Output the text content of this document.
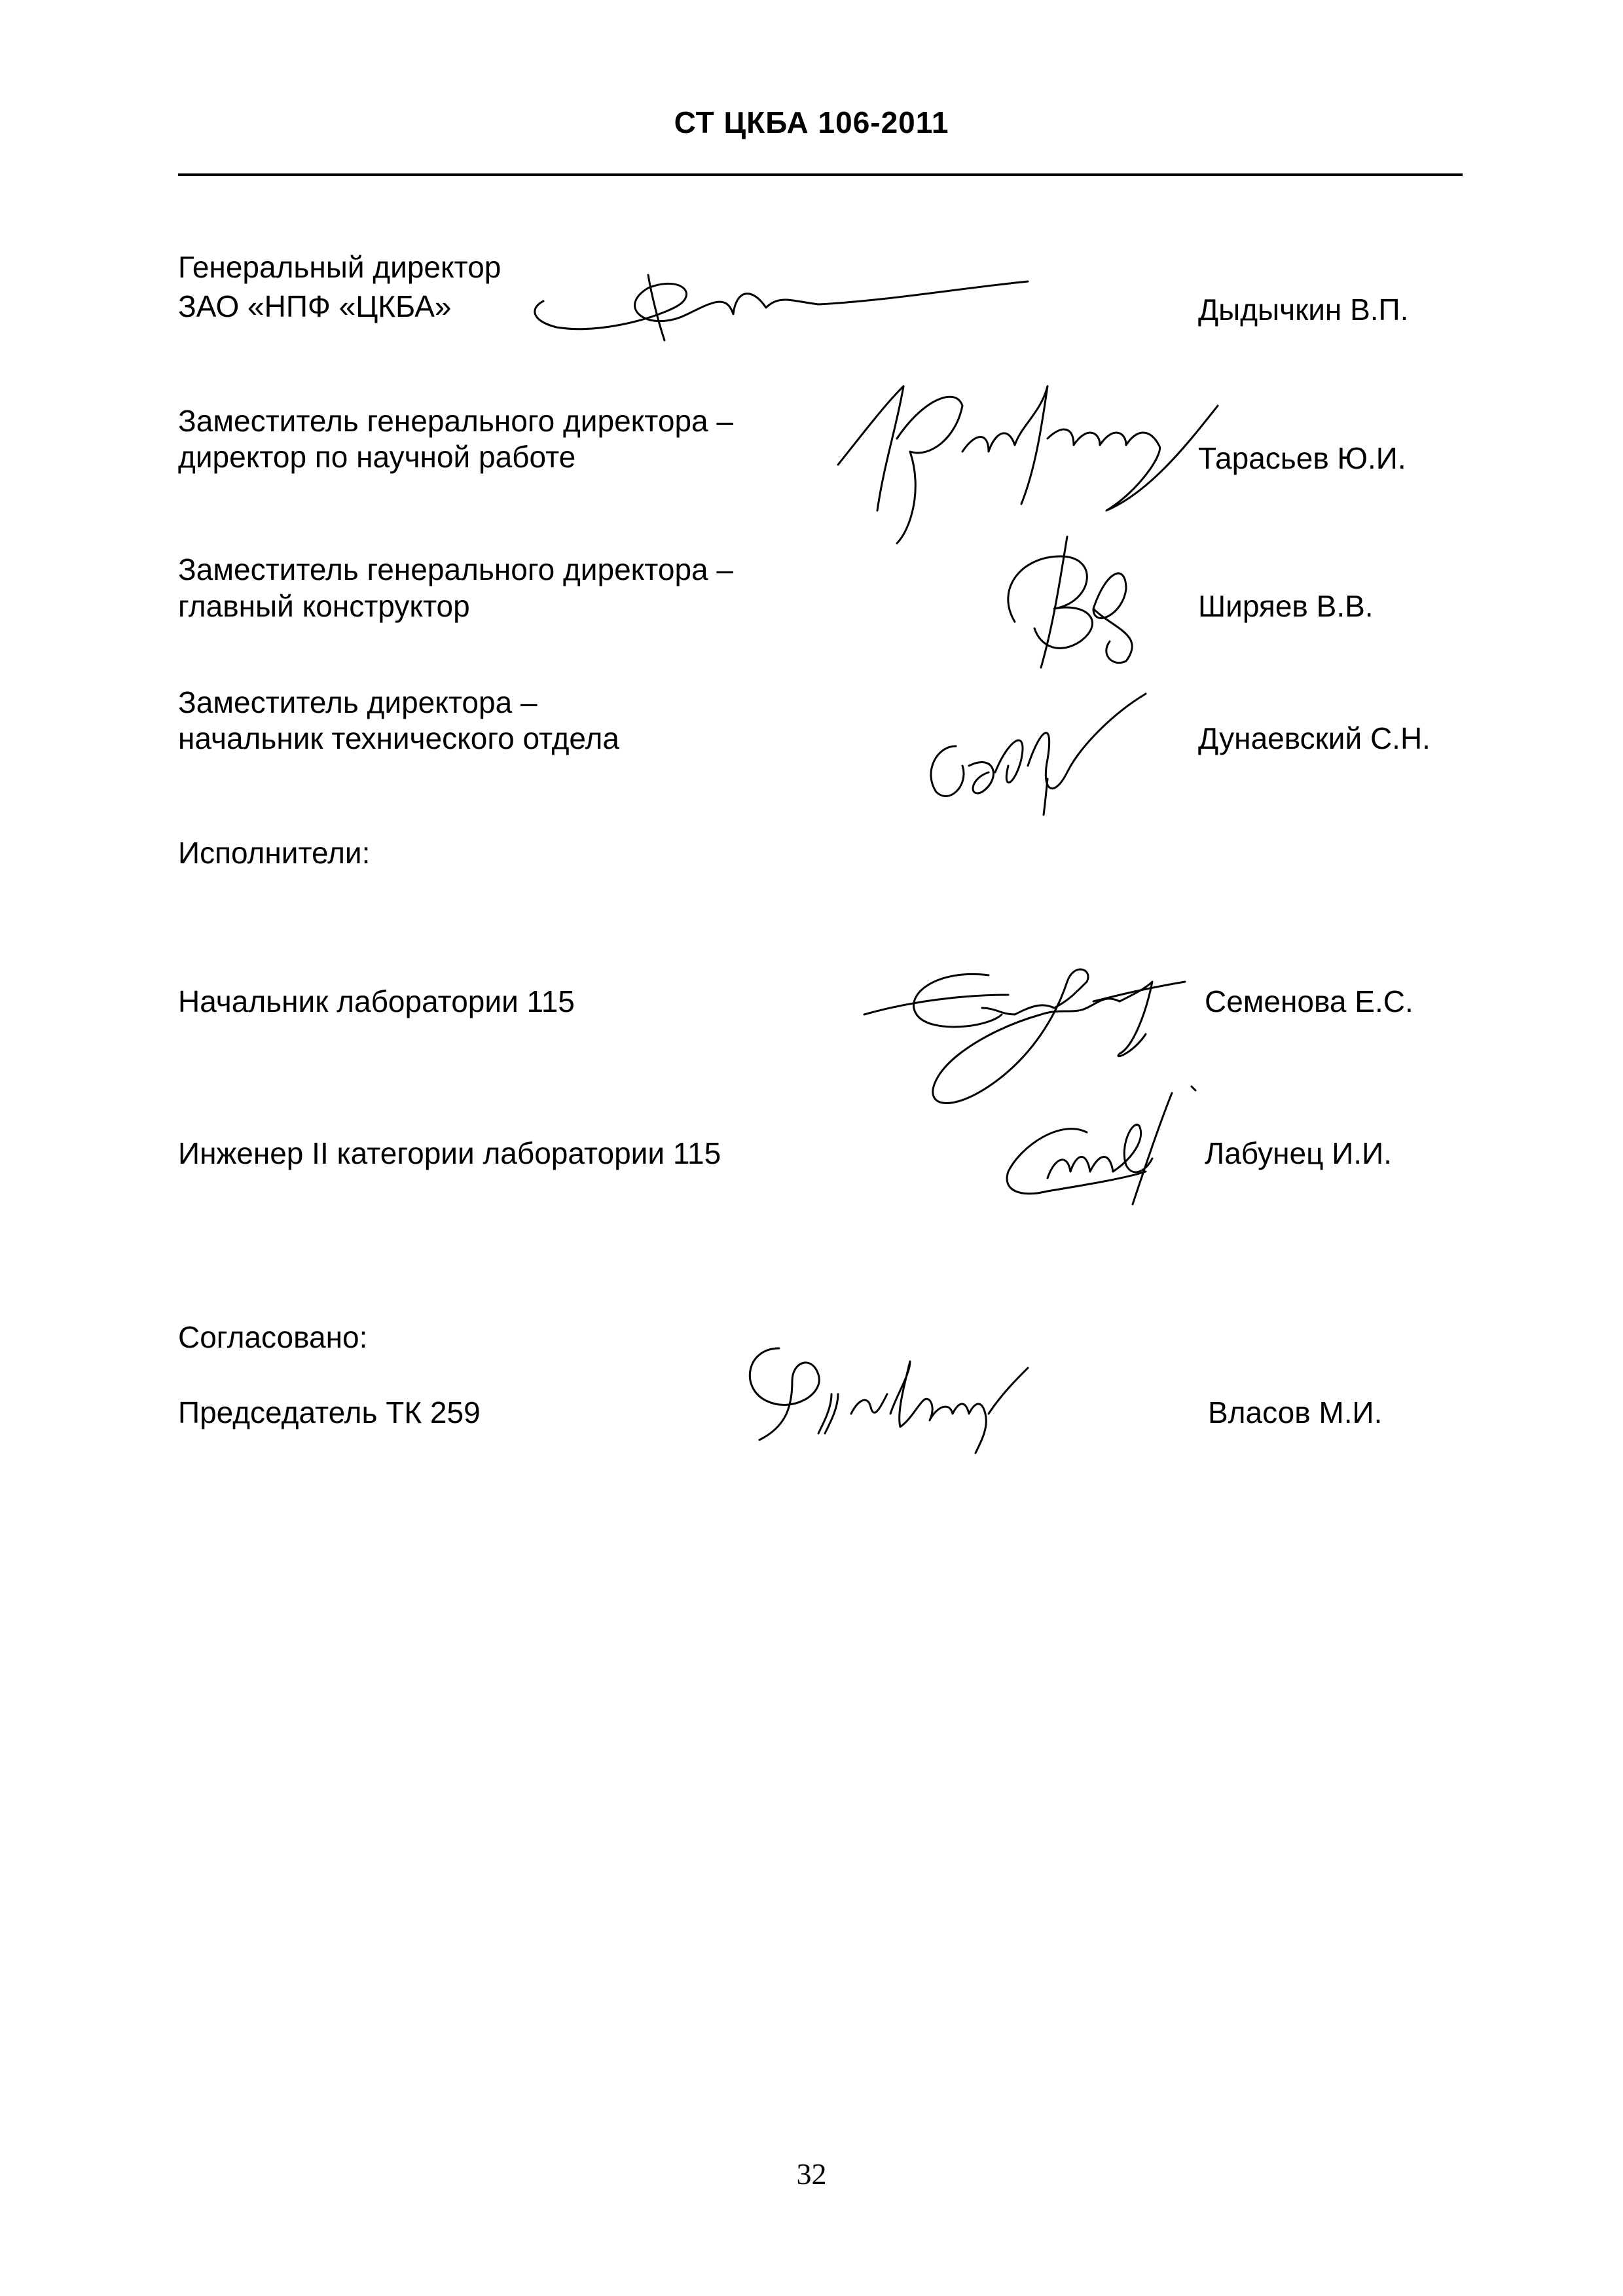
СТ ЦКБА 106-2011
Генеральный директор
ЗАО «НПФ «ЦКБА»	Дыдычкин В.П.
Заместитель генерального директора –
директор по научной работе	Тарасьев Ю.И.
Заместитель генерального директора –
главный конструктор	Ширяев В.В.
Заместитель директора –
начальник технического отдела	Дунаевский С.Н.
Исполнители:
Начальник лаборатории 115	Семенова Е.С.
Инженер II категории лаборатории 115	Лабунец И.И.
Согласовано:
Председатель ТК 259	Власов М.И.
32
